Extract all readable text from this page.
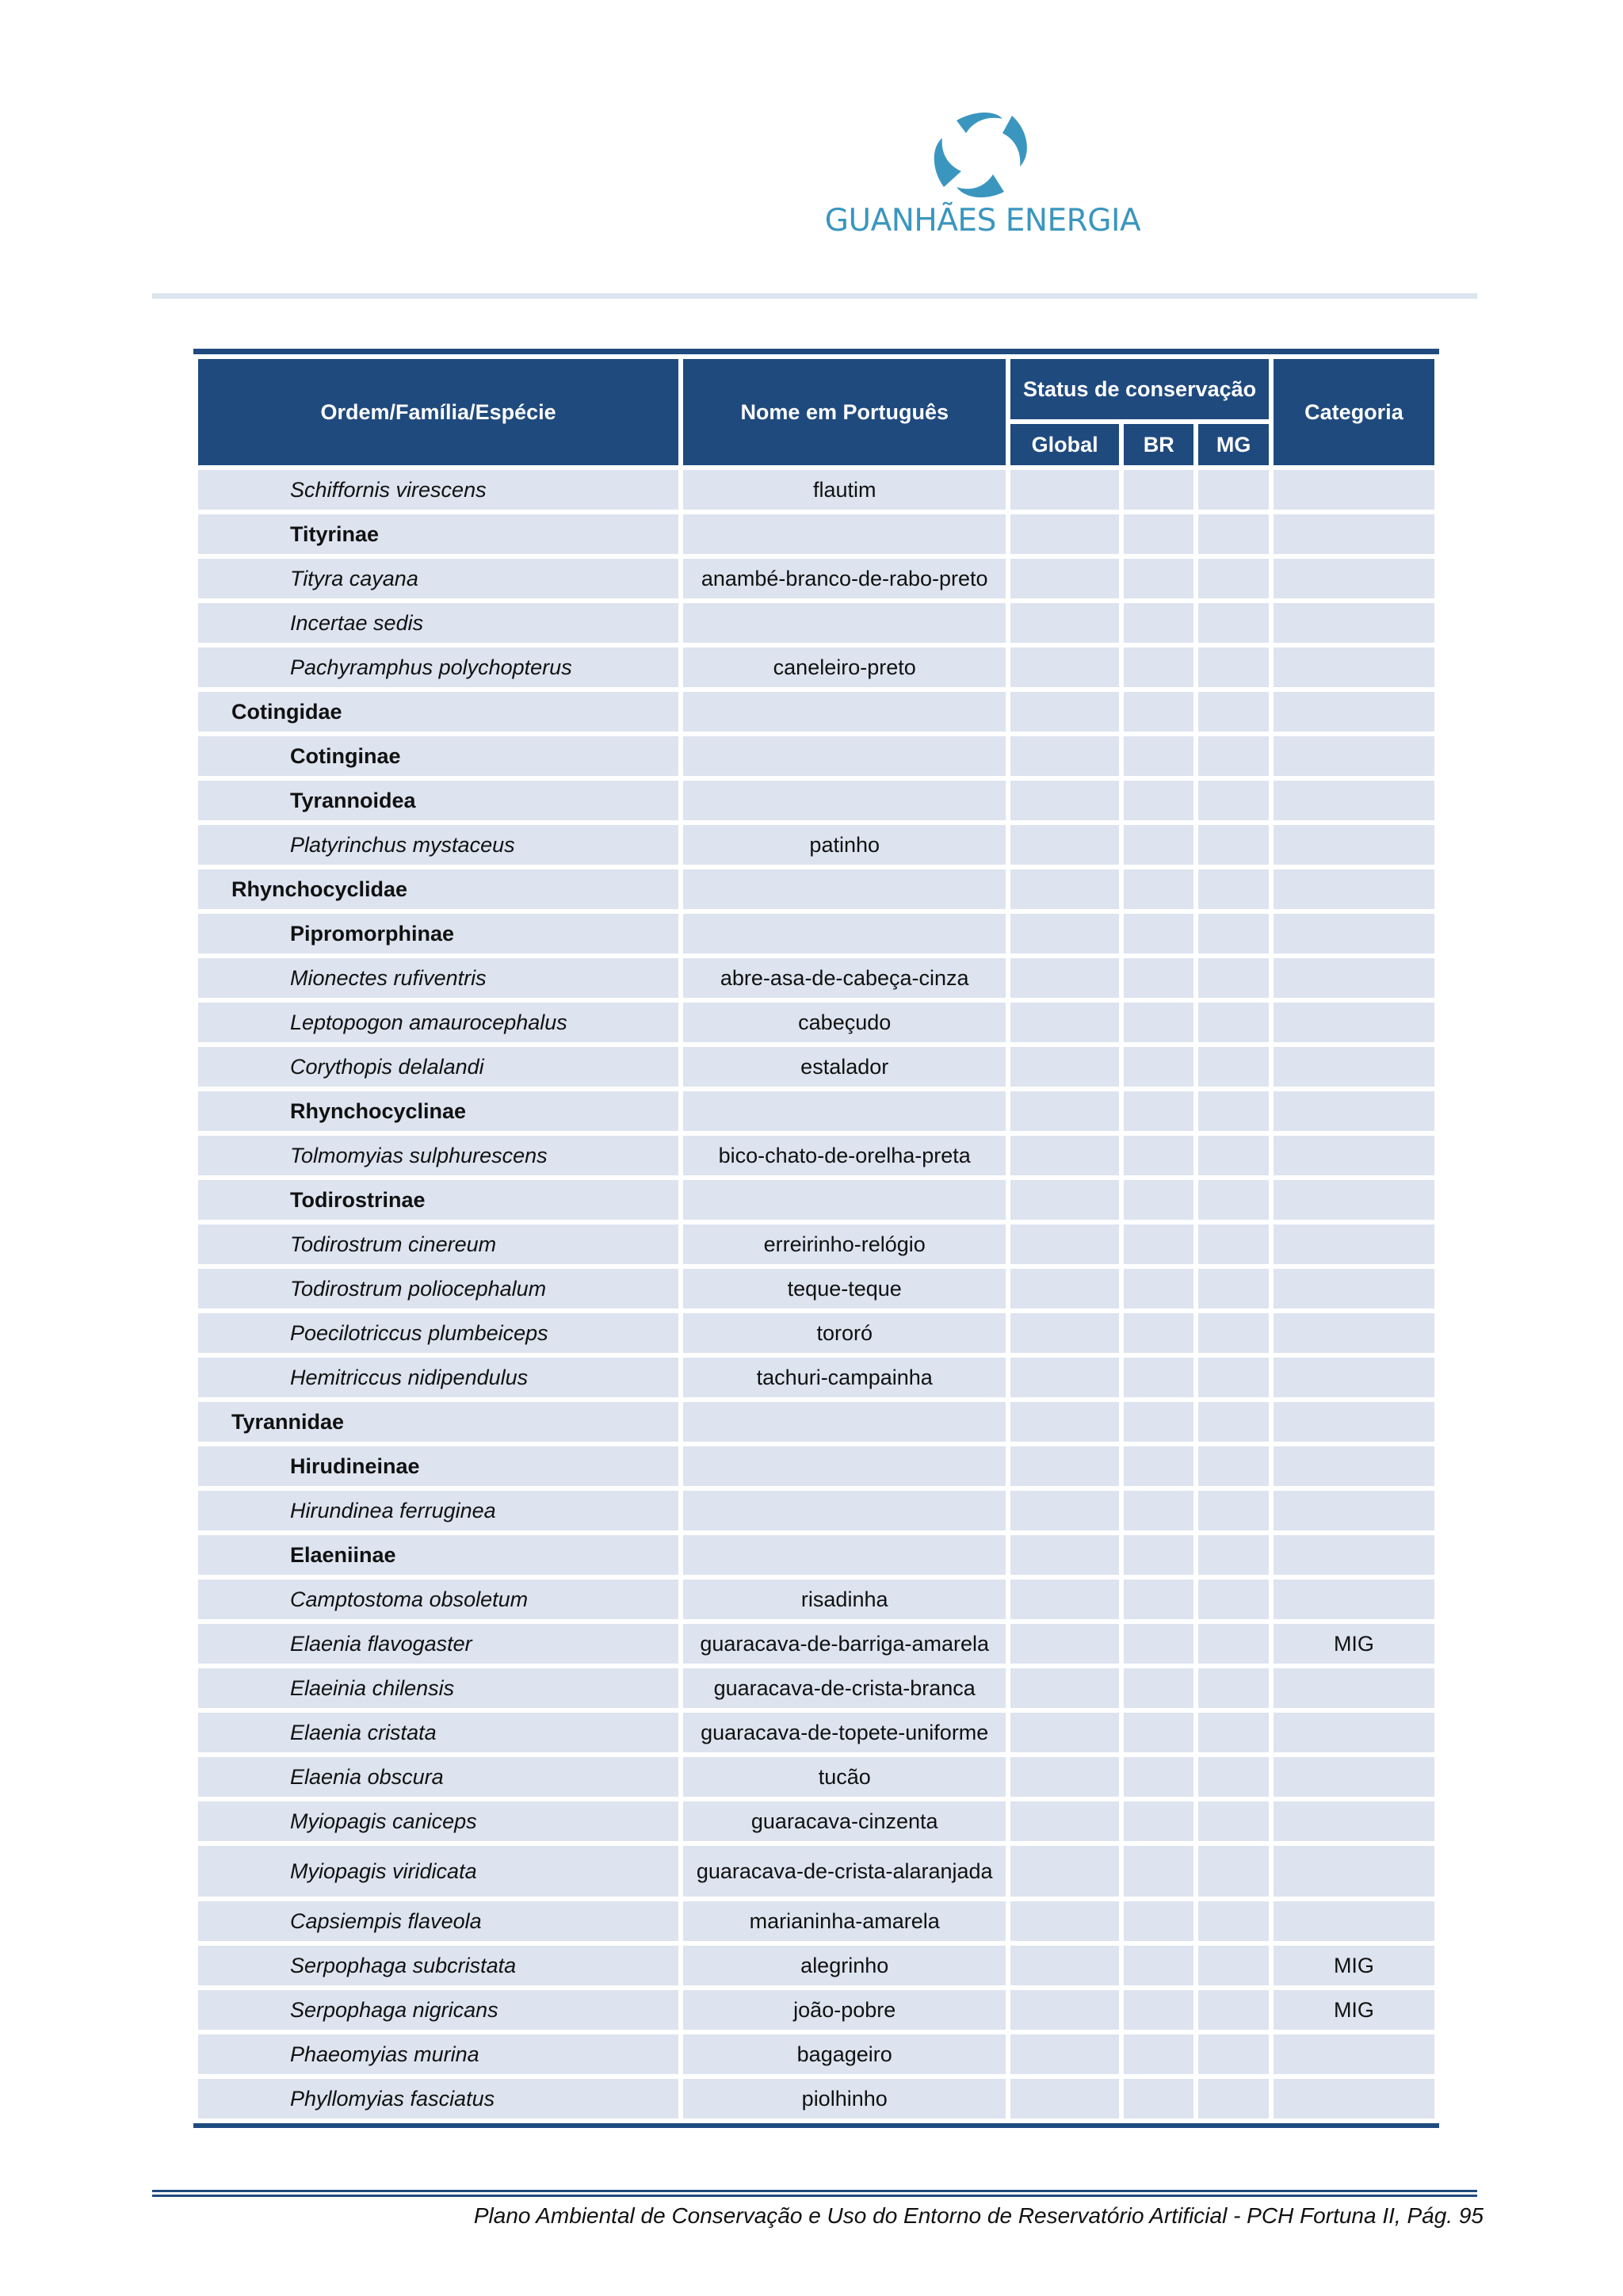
GUANHÃES ENERGIA
Ordem/Família/Espécie	Nome em Português	Status de conservação			Categoria
		Global	BR	MG	
Schiffornis virescens	flautim				
Tityrinae					
Tityra cayana	anambé-branco-de-rabo-preto				
Incertae sedis					
Pachyramphus polychopterus	caneleiro-preto				
Cotingidae					
Cotinginae					
Tyrannoidea					
Platyrinchus mystaceus	patinho				
Rhynchocyclidae					
Pipromorphinae					
Mionectes rufiventris	abre-asa-de-cabeça-cinza				
Leptopogon amaurocephalus	cabeçudo				
Corythopis delalandi	estalador				
Rhynchocyclinae					
Tolmomyias sulphurescens	bico-chato-de-orelha-preta				
Todirostrinae					
Todirostrum cinereum	erreirinho-relógio				
Todirostrum poliocephalum	teque-teque				
Poecilotriccus plumbeiceps	tororó				
Hemitriccus nidipendulus	tachuri-campainha				
Tyrannidae					
Hirudineinae					
Hirundinea ferruginea					
Elaeniinae					
Camptostoma obsoletum	risadinha				
Elaenia flavogaster	guaracava-de-barriga-amarela				MIG
Elaeinia chilensis	guaracava-de-crista-branca				
Elaenia cristata	guaracava-de-topete-uniforme				
Elaenia obscura	tucão				
Myiopagis caniceps	guaracava-cinzenta				
Myiopagis viridicata	guaracava-de-crista-alaranjada				
Capsiempis flaveola	marianinha-amarela				
Serpophaga subcristata	alegrinho				MIG
Serpophaga nigricans	joão-pobre				MIG
Phaeomyias murina	bagageiro				
Phyllomyias fasciatus	piolhinho				
Plano Ambiental de Conservação e Uso do Entorno de Reservatório Artificial - PCH Fortuna II, Pág. 95
